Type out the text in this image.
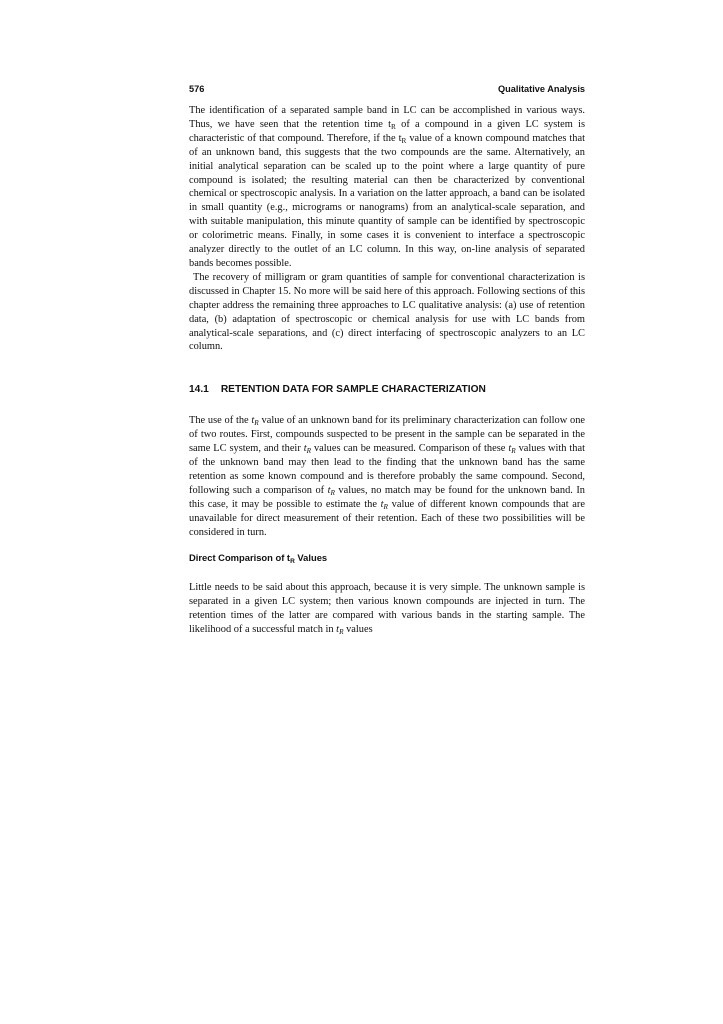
576	Qualitative Analysis

The identification of a separated sample band in LC can be accomplished in various ways. Thus, we have seen that the retention time $t_R$ of a compound in a given LC system is characteristic of that compound. Therefore, if the $t_R$ value of a known compound matches that of an unknown band, this suggests that the two compounds are the same. Alternatively, an initial analytical separation can be scaled up to the point where a large quantity of pure compound is isolated; the resulting material can then be characterized by conventional chemical or spectroscopic analysis. In a variation on the latter approach, a band can be isolated in small quantity (e.g., micrograms or nanograms) from an analytical-scale separation, and with suitable manipulation, this minute quantity of sample can be identified by spectroscopic or colorimetric means. Finally, in some cases it is convenient to interface a spectroscopic analyzer directly to the outlet of an LC column. In this way, on-line analysis of separated bands becomes possible.

The recovery of milligram or gram quantities of sample for conventional characterization is discussed in Chapter 15. No more will be said here of this approach. Following sections of this chapter address the remaining three approaches to LC qualitative analysis: (a) use of retention data, (b) adaptation of spectroscopic or chemical analysis for use with LC bands from analytical-scale separations, and (c) direct interfacing of spectroscopic analyzers to an LC column.

14.1 RETENTION DATA FOR SAMPLE CHARACTERIZATION

The use of the $t_R$ value of an unknown band for its preliminary characterization can follow one of two routes. First, compounds suspected to be present in the sample can be separated in the same LC system, and their $t_R$ values can be measured. Comparison of these $t_R$ values with that of the unknown band may then lead to the finding that the unknown band has the same retention as some known compound and is therefore probably the same compound. Second, following such a comparison of $t_R$ values, no match may be found for the unknown band. In this case, it may be possible to estimate the $t_R$ value of different known compounds that are unavailable for direct measurement of their retention. Each of these two possibilities will be considered in turn.

Direct Comparison of $t_R$ Values

Little needs to be said about this approach, because it is very simple. The unknown sample is separated in a given LC system; then various known compounds are injected in turn. The retention times of the latter are compared with various bands in the starting sample. The likelihood of a successful match in $t_R$ values
